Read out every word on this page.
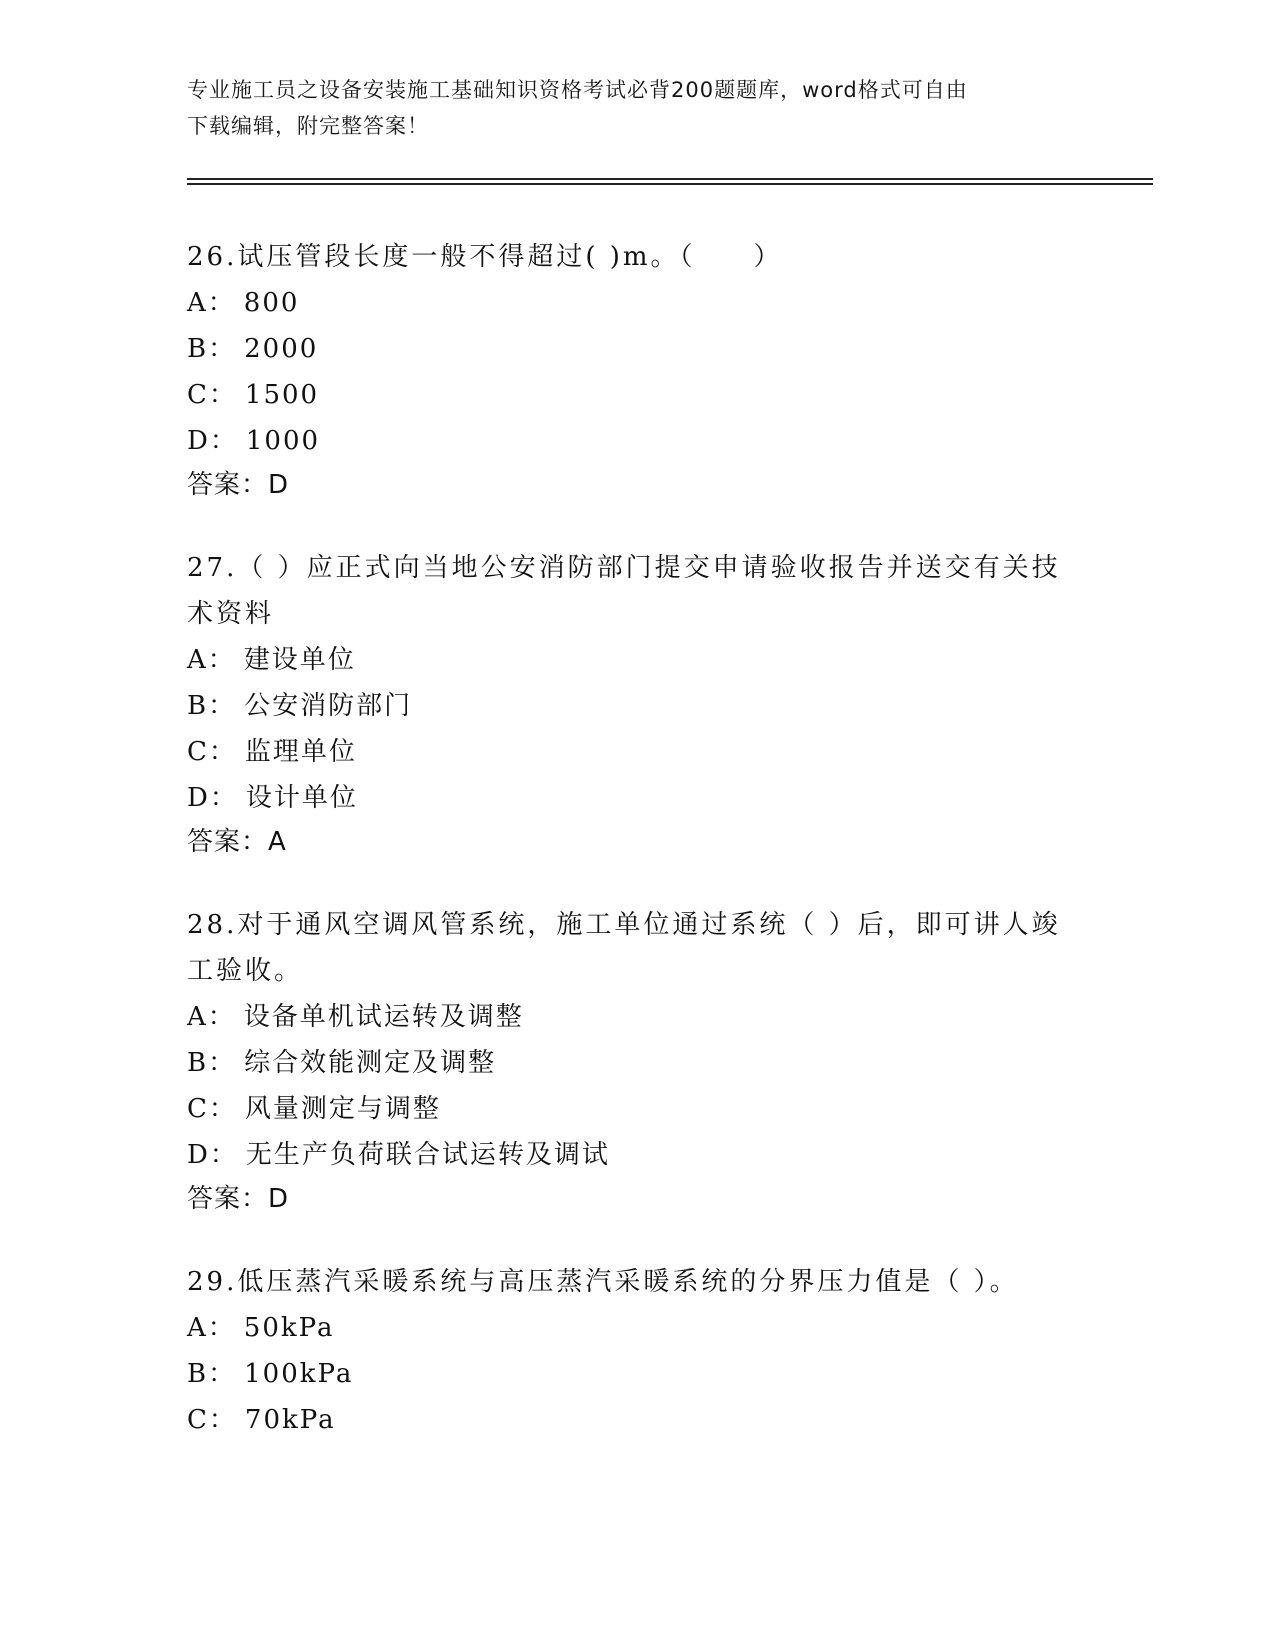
专业施工员之设备安装施工基础知识资格考试必背200题题库，word格式可自由
下载编辑，附完整答案！
26.试压管段长度一般不得超过( )m。（　　）
A： 800
B： 2000
C： 1500
D： 1000
答案：D
27.（ ）应正式向当地公安消防部门提交申请验收报告并送交有关技术资料
A： 建设单位
B： 公安消防部门
C： 监理单位
D： 设计单位
答案：A
28.对于通风空调风管系统，施工单位通过系统（ ）后，即可讲人竣工验收。
A： 设备单机试运转及调整
B： 综合效能测定及调整
C： 风量测定与调整
D： 无生产负荷联合试运转及调试
答案：D
29.低压蒸汽采暖系统与高压蒸汽采暖系统的分界压力值是（ ）。
A： 50kPa
B： 100kPa
C： 70kPa
